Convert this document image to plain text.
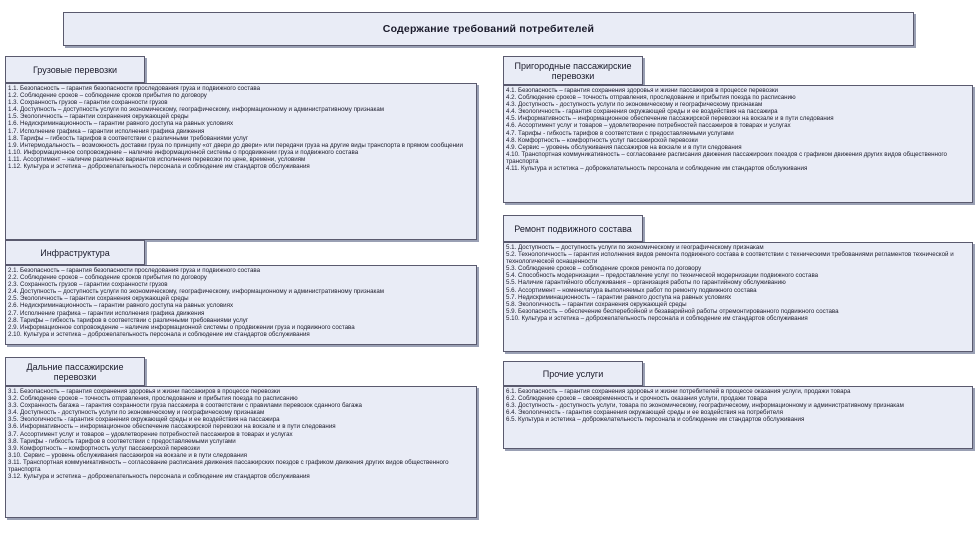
Содержание требований потребителей
Грузовые перевозки
1.1. Безопасность – гарантия безопасности проследования груза и подвижного состава
1.2. Соблюдение сроков – соблюдение сроков прибытия по договору
1.3. Сохранность грузов – гарантии сохранности грузов
1.4. Доступность – доступность услуги по экономическому, географическому, информационному и административному признакам
1.5. Экологичность – гарантии сохранения окружающей среды
1.6. Недискриминационность – гарантии равного доступа на равных условиях
1.7. Исполнение графика – гарантии исполнения графика движения
1.8. Тарифы – гибкость тарифов в соответствии с различными требованиями услуг
1.9. Интермодальность – возможность доставки груза по принципу «от двери до двери» или передачи груза на другие виды транспорта в прямом сообщении
1.10. Информационное сопровождение – наличие информационной системы о продвижении груза и подвижного состава
1.11. Ассортимент – наличие различных вариантов исполнения перевозки по цене, времени, условиям
1.12. Культура и эстетика – доброжелательность персонала и соблюдение им стандартов обслуживания
Инфраструктура
2.1. Безопасность – гарантия безопасности проследования груза и подвижного состава
2.2. Соблюдение сроков – соблюдение сроков прибытия по договору
2.3. Сохранность грузов – гарантии сохранности грузов
2.4. Доступность – доступность услуги по экономическому, географическому, информационному и административному признакам
2.5. Экологичность – гарантии сохранения окружающей среды
2.6. Недискриминационность – гарантии равного доступа на равных условиях
2.7. Исполнение графика – гарантии исполнения графика движения
2.8. Тарифы – гибкость тарифов в соответствии с различными требованиями услуг
2.9. Информационное сопровождение – наличие информационной системы о продвижении груза и подвижного состава
2.10. Культура и эстетика – доброжелательность персонала и соблюдение им стандартов обслуживания
Дальние пассажирские перевозки
3.1. Безопасность – гарантия сохранения здоровья и жизни пассажиров в процессе перевозки
3.2. Соблюдение сроков – точность отправления, проследование и прибытия поезда по расписанию
3.3. Сохранность багажа – гарантия сохранности груза пассажира в соответствии с правилами перевозок сданного багажа
3.4. Доступность - доступность услуги по экономическому и географическому признакам
3.5. Экологичность - гарантия сохранения окружающей среды и ее воздействия на пассажира
3.6. Информативность – информационное обеспечение пассажирской перевозки на вокзале и в пути следования
3.7. Ассортимент услуг и товаров – удовлетворение потребностей пассажиров в товарах и услугах
3.8. Тарифы - гибкость тарифов в соответствии с предоставляемыми услугами
3.9. Комфортность – комфортность услуг пассажирской перевозки
3.10. Сервис – уровень обслуживания пассажиров на вокзале и в пути следования
3.11. Транспортная коммуникативность – согласование расписания движения пассажирских поездов с графиком движения других видов общественного транспорта
3.12. Культура и эстетика – доброжелательность персонала и соблюдение им стандартов обслуживания
Пригородные пассажирские перевозки
4.1. Безопасность – гарантия сохранения здоровья и жизни пассажиров в процессе перевозки
4.2. Соблюдение сроков – точность отправления, проследование и прибытия поезда по расписанию
4.3. Доступность - доступность услуги по экономическому и географическому признакам
4.4. Экологичность - гарантия сохранения окружающей среды и ее воздействия на пассажира
4.5. Информативность – информационное обеспечение пассажирской перевозки на вокзале и в пути следования
4.6. Ассортимент услуг и товаров – удовлетворение потребностей пассажиров в товарах и услугах
4.7. Тарифы - гибкость тарифов в соответствии с предоставляемыми услугами
4.8. Комфортность – комфортность услуг пассажирской перевозки
4.9. Сервис – уровень обслуживания пассажиров на вокзале и в пути следования
4.10. Транспортная коммуникативность – согласование расписания движения пассажирских поездов с графиком движения других видов общественного транспорта
4.11. Культура и эстетика – доброжелательность персонала и соблюдение им стандартов обслуживания
Ремонт подвижного состава
5.1. Доступность – доступность услуги по экономическому и географическому признакам
5.2. Технологичность – гарантия исполнения видов ремонта подвижного состава в соответствии с техническими требованиями регламентов технической и технологической оснащенности
5.3. Соблюдение сроков – соблюдение сроков ремонта по договору
5.4. Способность модернизации – предоставление услуг по технической модернизации подвижного состава
5.5. Наличие гарантийного обслуживания – организация работы по гарантийному обслуживанию
5.6. Ассортимент – номенклатура выполняемых работ по ремонту подвижного состава
5.7. Недискриминационность – гарантии равного доступа на равных условиях
5.8. Экологичность – гарантии сохранения окружающей среды
5.9. Безопасность – обеспечение бесперебойной и безаварийной работы отремонтированного подвижного состава
5.10. Культура и эстетика – доброжелательность персонала и соблюдение им стандартов обслуживания
Прочие услуги
6.1. Безопасность – гарантия сохранения здоровья и жизни потребителей в процессе оказания услуги, продажи товара
6.2. Соблюдение сроков – своевременность и срочность оказания услуги, продажи товара
6.3. Доступность - доступность услуги, товара по экономическому, географическому, информационному и административному признакам
6.4. Экологичность - гарантия сохранения окружающей среды и ее воздействия на потребителя
6.5. Культура и эстетика – доброжелательность персонала и соблюдение им стандартов обслуживания
